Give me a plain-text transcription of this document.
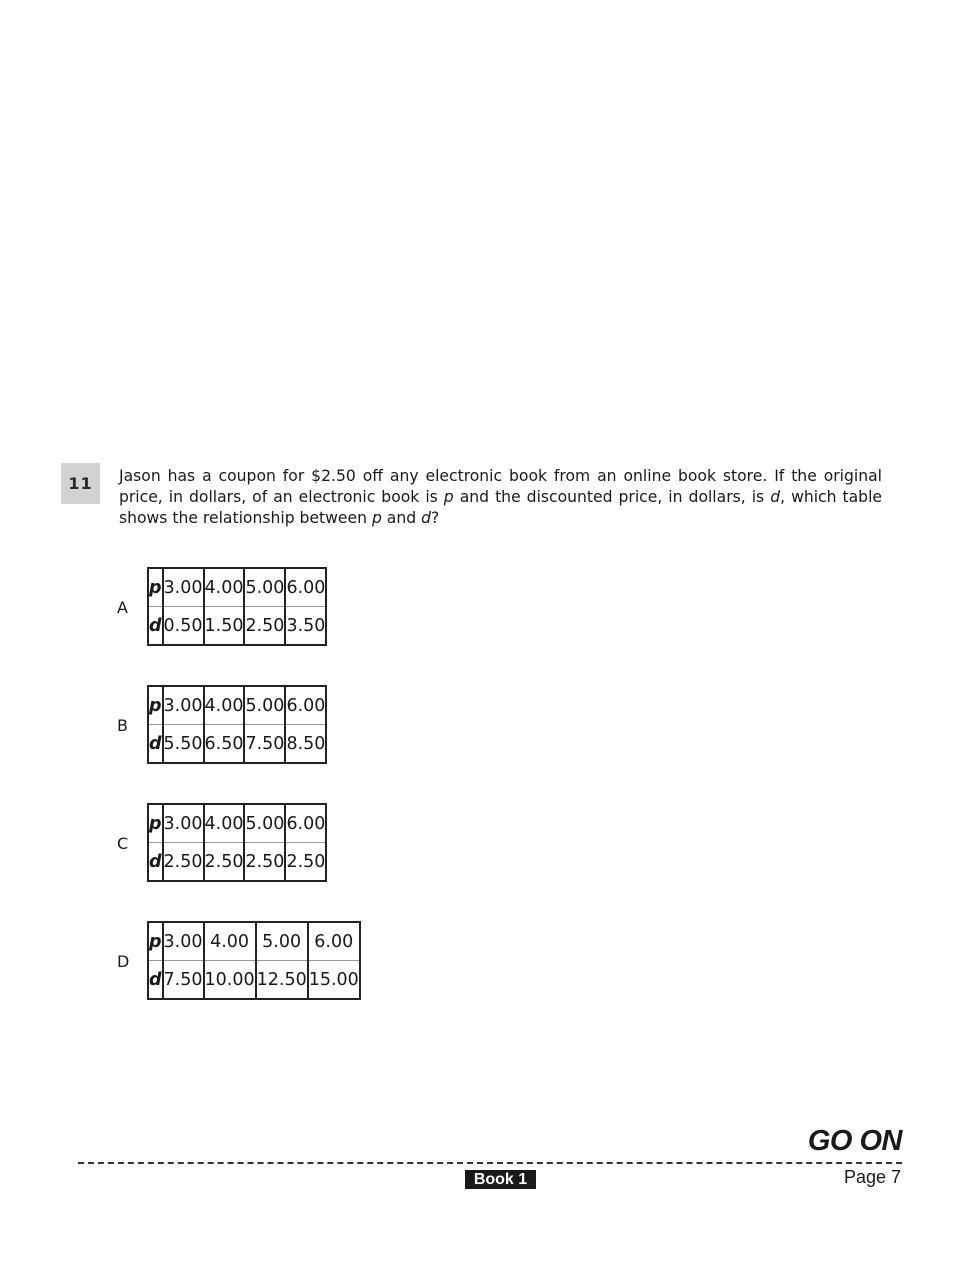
11 Jason has a coupon for $2.50 off any electronic book from an online book store. If the original price, in dollars, of an electronic book is p and the discounted price, in dollars, is d, which table shows the relationship between p and d?
A
p	3.00	4.00	5.00	6.00
d	0.50	1.50	2.50	3.50
B
p	3.00	4.00	5.00	6.00
d	5.50	6.50	7.50	8.50
C
p	3.00	4.00	5.00	6.00
d	2.50	2.50	2.50	2.50
D
p	3.00	4.00	5.00	6.00
d	7.50	10.00	12.50	15.00
GO ON
Book 1	Page 7
